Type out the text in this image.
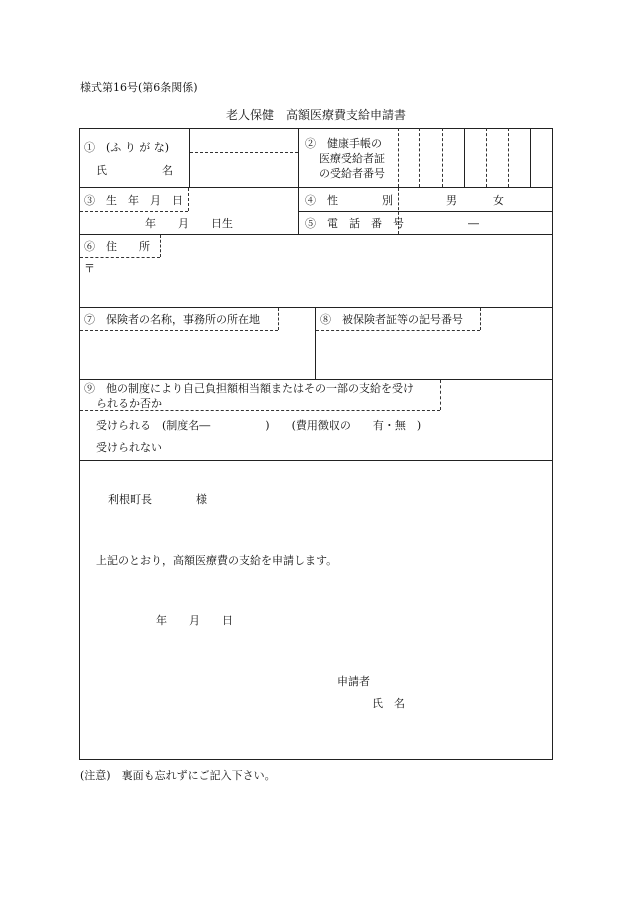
様式第16号(第6条関係)
老人保健　高額医療費支給申請書
①　(ふ り が な)
氏　　　　　名
②　健康手帳の
医療受給者証
の受給者番号
③　生　年　月　日
年　　月　　日生
④　性　　　　別	男	女
⑤　電　話　番　号	―
⑥　住　　所
〒
⑦　保険者の名称，事務所の所在地	⑧　被保険者証等の記号番号
⑨　他の制度により自己負担額相当額またはその一部の支給を受け
られるか否か
受けられる　(制度名―　　　　　)　　(費用徴収の　　有・無　)
受けられない
利根町長　　　　様
上記のとおり，高額医療費の支給を申請します。
年　　月　　日
申請者
氏　名
(注意)　裏面も忘れずにご記入下さい。
